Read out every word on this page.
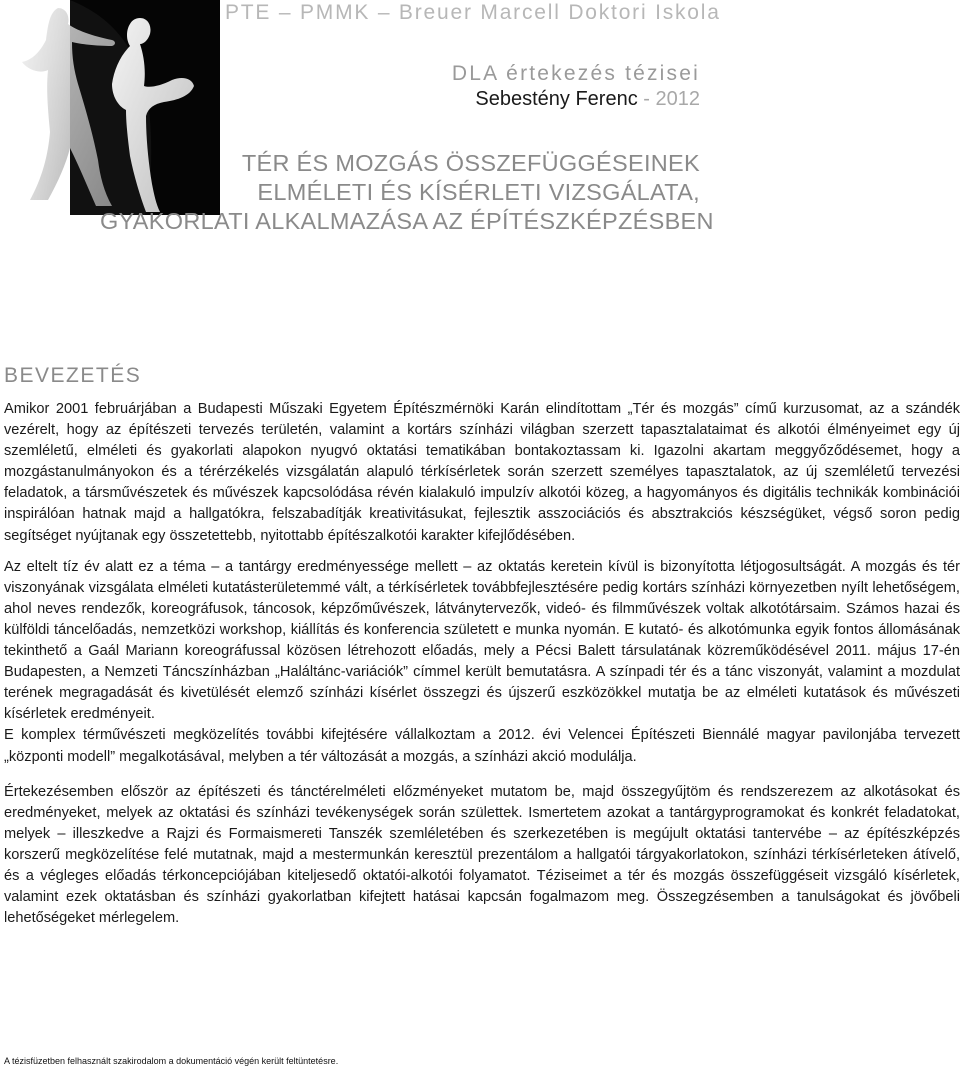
PTE – PMMK – Breuer Marcell Doktori Iskola
DLA értekezés tézisei
Sebestény Ferenc - 2012
TÉR ÉS MOZGÁS ÖSSZEFÜGGÉSEINEK
ELMÉLETI ÉS KÍSÉRLETI VIZSGÁLATA,
GYAKORLATI ALKALMAZÁSA AZ ÉPÍTÉSZKÉPZÉSBEN
BEVEZETÉS

Amikor 2001 februárjában a Budapesti Műszaki Egyetem Építészmérnöki Karán elindítottam „Tér és mozgás” című kurzusomat, az a szándék vezérelt, hogy az építészeti tervezés területén, valamint a kortárs színházi világban szerzett tapasztalataimat és alkotói élményeimet egy új szemléletű, elméleti és gyakorlati alapokon nyugvó oktatási tematikában bontakoztassam ki. Igazolni akartam meggyőződésemet, hogy a mozgástanulmányokon és a térérzékelés vizsgálatán alapuló térkísérletek során szerzett személyes tapasztalatok, az új szemléletű tervezési feladatok, a társművészetek és művészek kapcsolódása révén kialakuló impulzív alkotói közeg, a hagyományos és digitális technikák kombinációi inspirálóan hatnak majd a hallgatókra, felszabadítják kreativitásukat, fejlesztik asszociációs és absztrakciós készségüket, végső soron pedig segítséget nyújtanak egy összetettebb, nyitottabb építészalkotói karakter kifejlődésében.

Az eltelt tíz év alatt ez a téma – a tantárgy eredményessége mellett – az oktatás keretein kívül is bizonyította létjogosultságát. A mozgás és tér viszonyának vizsgálata elméleti kutatásterületemmé vált, a térkísérletek továbbfejlesztésére pedig kortárs színházi környezetben nyílt lehetőségem, ahol neves rendezők, koreográfusok, táncosok, képzőművészek, látványtervezők, videó- és filmművészek voltak alkotótársaim. Számos hazai és külföldi táncelőadás, nemzetközi workshop, kiállítás és konferencia született e munka nyomán. E kutató- és alkotómunka egyik fontos állomásának tekinthető a Gaál Mariann koreográfussal közösen létrehozott előadás, mely a Pécsi Balett társulatának közreműködésével 2011. május 17-én Budapesten, a Nemzeti Táncszínházban „Haláltánc-variációk” címmel került bemutatásra. A színpadi tér és a tánc viszonyát, valamint a mozdulat terének megragadását és kivetülését elemző színházi kísérlet összegzi és újszerű eszközökkel mutatja be az elméleti kutatások és művészeti kísérletek eredményeit.

E komplex térművészeti megközelítés további kifejtésére vállalkoztam a 2012. évi Velencei Építészeti Biennálé magyar pavilonjába tervezett „központi modell” megalkotásával, melyben a tér változását a mozgás, a színházi akció modulálja.

Értekezésemben először az építészeti és tánctérelméleti előzményeket mutatom be, majd összegyűjtöm és rendszerezem az alkotásokat és eredményeket, melyek az oktatási és színházi tevékenységek során születtek. Ismertetem azokat a tantárgyprogramokat és konkrét feladatokat, melyek – illeszkedve a Rajzi és Formaismereti Tanszék szemléletében és szerkezetében is megújult oktatási tantervébe – az építészképzés korszerű megközelítése felé mutatnak, majd a mestermunkán keresztül prezentálom a hallgatói tárgyakorlatokon, színházi térkísérleteken átívelő, és a végleges előadás térkoncepciójában kiteljesedő oktatói-alkotói folyamatot. Téziseimet a tér és mozgás összefüggéseit vizsgáló kísérletek, valamint ezek oktatásban és színházi gyakorlatban kifejtett hatásai kapcsán fogalmazom meg. Összegzésemben a tanulságokat és jövőbeli lehetőségeket mérlegelem.

A tézisfüzetben felhasznált szakirodalom a dokumentáció végén került feltüntetésre.
